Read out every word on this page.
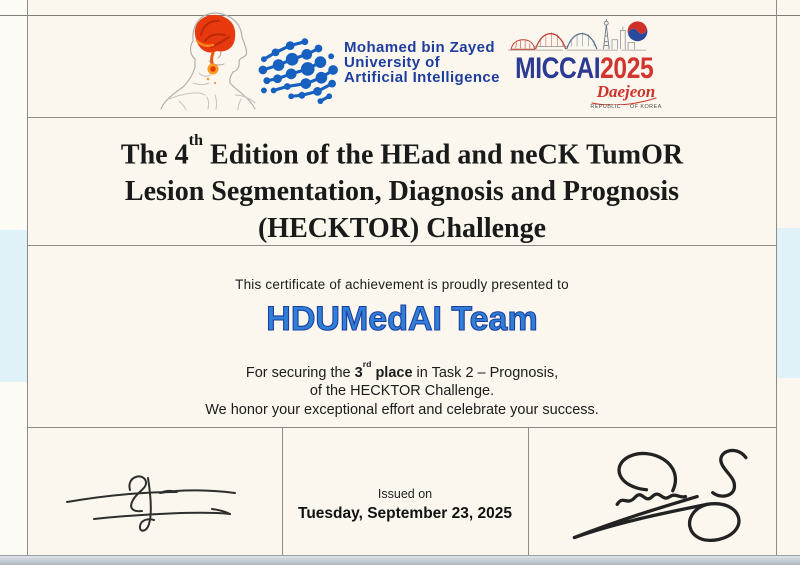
Mohamed bin Zayed
University of
Artificial Intelligence MICCAI2025
Daejeon
REPUBLIC OF KOREA
The 4th Edition of the HEad and neCK TumOR
Lesion Segmentation, Diagnosis and Prognosis
(HECKTOR) Challenge
This certificate of achievement is proudly presented to
HDUMedAI Team
For securing the 3rd place in Task 2 – Prognosis,
of the HECKTOR Challenge.
We honor your exceptional effort and celebrate your success.
Issued on
Tuesday, September 23, 2025
